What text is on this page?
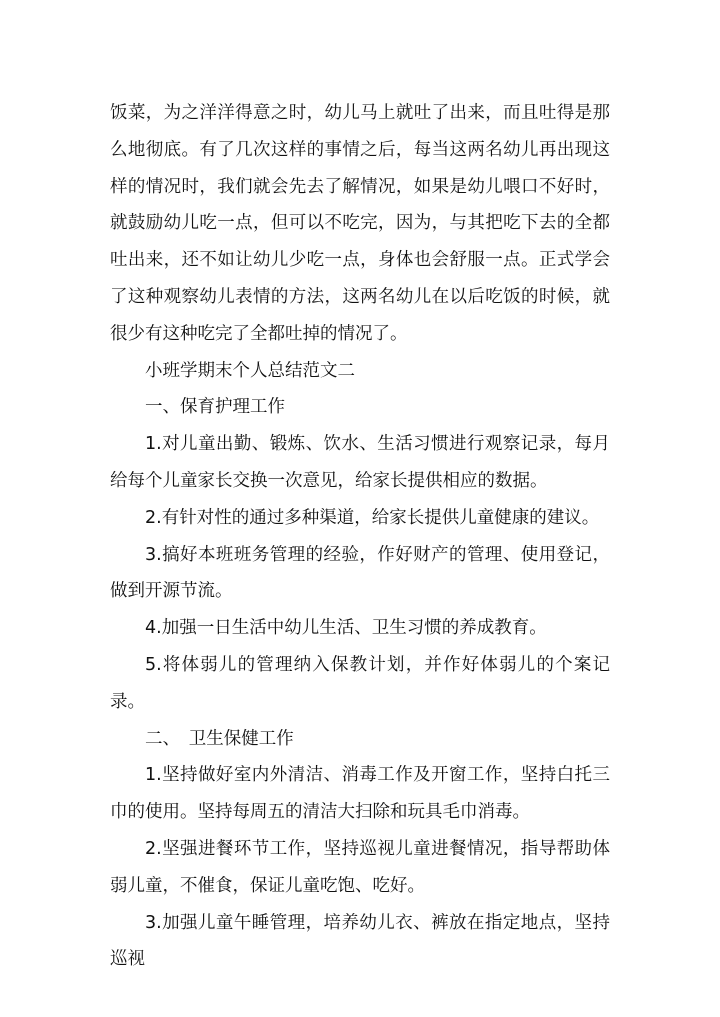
饭菜，为之洋洋得意之时，幼儿马上就吐了出来，而且吐得是那么地彻底。有了几次这样的事情之后，每当这两名幼儿再出现这样的情况时，我们就会先去了解情况，如果是幼儿喂口不好时，就鼓励幼儿吃一点，但可以不吃完，因为，与其把吃下去的全都吐出来，还不如让幼儿少吃一点，身体也会舒服一点。正式学会了这种观察幼儿表情的方法，这两名幼儿在以后吃饭的时候，就很少有这种吃完了全都吐掉的情况了。

小班学期末个人总结范文二

一、保育护理工作

1.对儿童出勤、锻炼、饮水、生活习惯进行观察记录，每月给每个儿童家长交换一次意见，给家长提供相应的数据。

2.有针对性的通过多种渠道，给家长提供儿童健康的建议。

3.搞好本班班务管理的经验，作好财产的管理、使用登记，做到开源节流。

4.加强一日生活中幼儿生活、卫生习惯的养成教育。

5.将体弱儿的管理纳入保教计划，并作好体弱儿的个案记录。

二、　卫生保健工作

1.坚持做好室内外清洁、消毒工作及开窗工作，坚持白托三巾的使用。坚持每周五的清洁大扫除和玩具毛巾消毒。

2.坚强进餐环节工作，坚持巡视儿童进餐情况，指导帮助体弱儿童，不催食，保证儿童吃饱、吃好。

3.加强儿童午睡管理，培养幼儿衣、裤放在指定地点，坚持巡视
